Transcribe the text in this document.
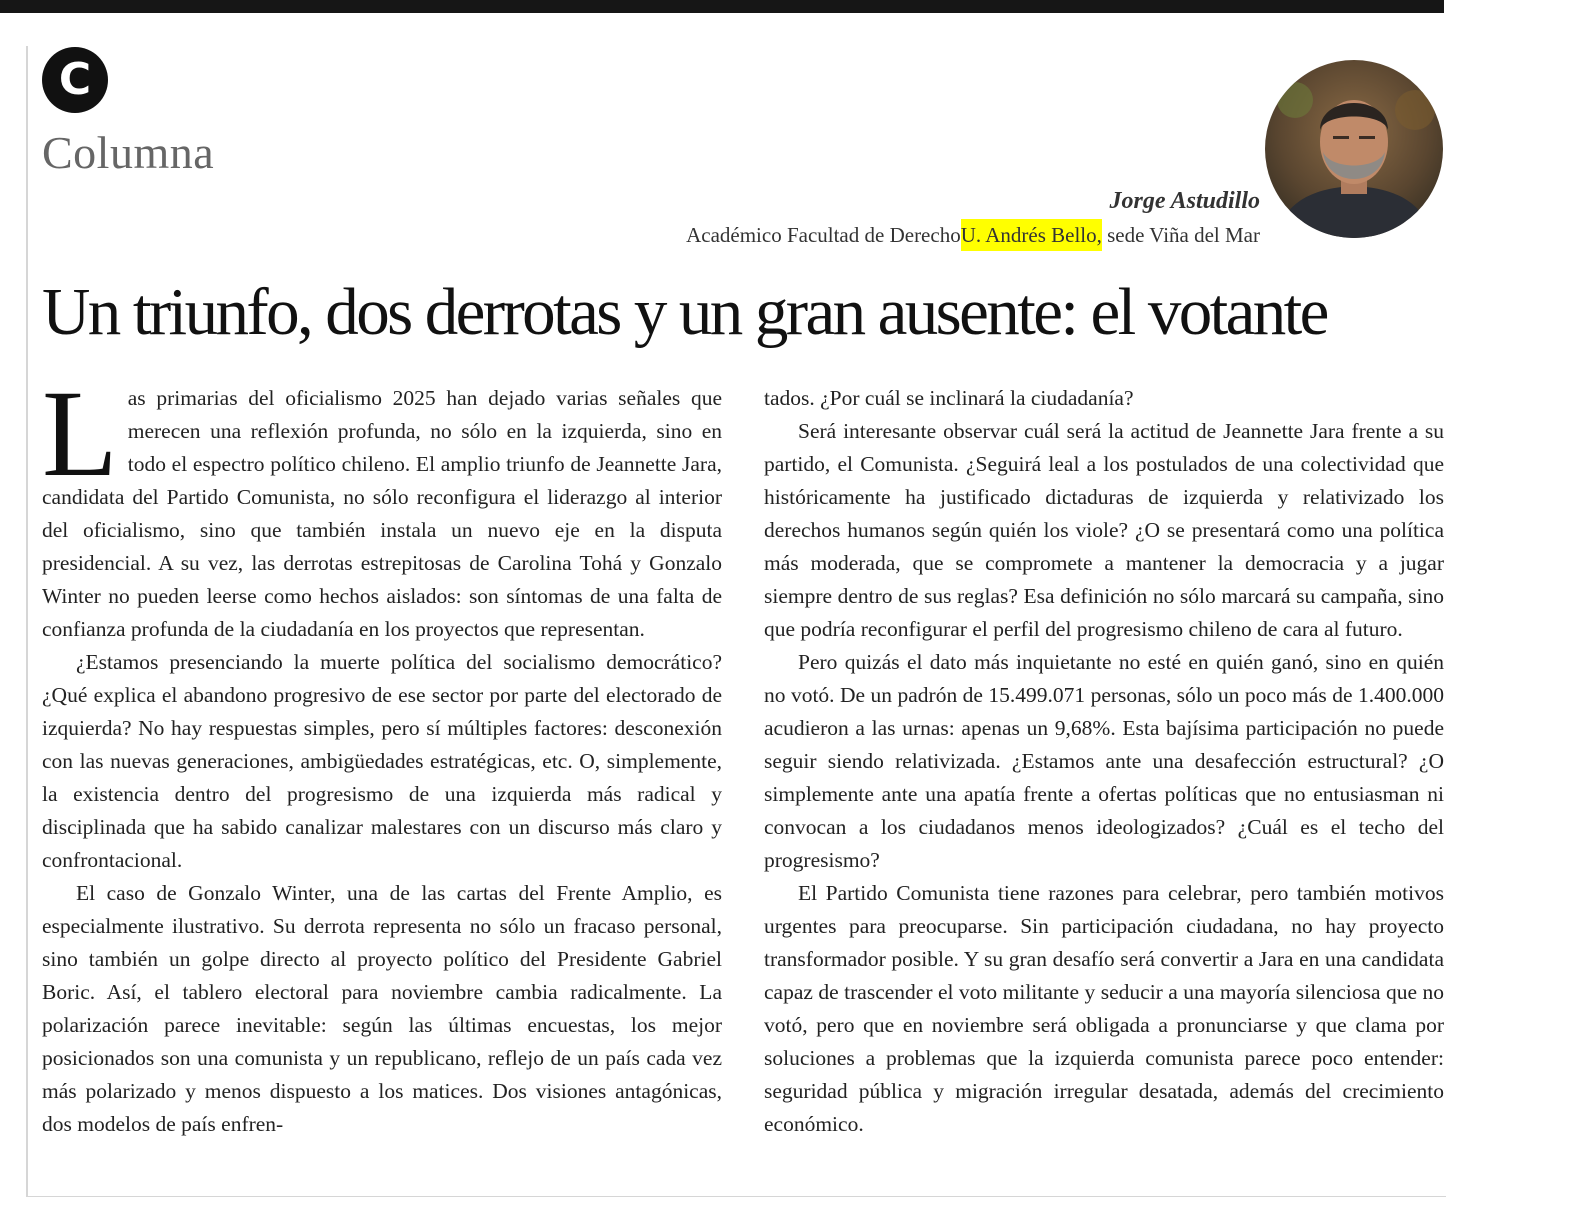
C
Columna
Jorge Astudillo
Académico Facultad de DerechoU. Andrés Bello, sede Viña del Mar
Un triunfo, dos derrotas y un gran ausente: el votante

Las primarias del oficialismo 2025 han dejado varias señales que merecen una reflexión profunda, no sólo en la izquierda, sino en todo el espectro político chileno. El amplio triunfo de Jeannette Jara, candidata del Partido Comunista, no sólo reconfigura el liderazgo al interior del oficialismo, sino que también instala un nuevo eje en la disputa presidencial. A su vez, las derrotas estrepitosas de Carolina Tohá y Gonzalo Winter no pueden leerse como hechos aislados: son síntomas de una falta de confianza profunda de la ciudadanía en los proyectos que representan.

¿Estamos presenciando la muerte política del socialismo democrático? ¿Qué explica el abandono progresivo de ese sector por parte del electorado de izquierda? No hay respuestas simples, pero sí múltiples factores: desconexión con las nuevas generaciones, ambigüedades estratégicas, etc. O, simplemente, la existencia dentro del progresismo de una izquierda más radical y disciplinada que ha sabido canalizar malestares con un discurso más claro y confrontacional.

El caso de Gonzalo Winter, una de las cartas del Frente Amplio, es especialmente ilustrativo. Su derrota representa no sólo un fracaso personal, sino también un golpe directo al proyecto político del Presidente Gabriel Boric. Así, el tablero electoral para noviembre cambia radicalmente. La polarización parece inevitable: según las últimas encuestas, los mejor posicionados son una comunista y un republicano, reflejo de un país cada vez más polarizado y menos dispuesto a los matices. Dos visiones antagónicas, dos modelos de país enfren-

tados. ¿Por cuál se inclinará la ciudadanía?

Será interesante observar cuál será la actitud de Jeannette Jara frente a su partido, el Comunista. ¿Seguirá leal a los postulados de una colectividad que históricamente ha justificado dictaduras de izquierda y relativizado los derechos humanos según quién los viole? ¿O se presentará como una política más moderada, que se compromete a mantener la democracia y a jugar siempre dentro de sus reglas? Esa definición no sólo marcará su campaña, sino que podría reconfigurar el perfil del progresismo chileno de cara al futuro.

Pero quizás el dato más inquietante no esté en quién ganó, sino en quién no votó. De un padrón de 15.499.071 personas, sólo un poco más de 1.400.000 acudieron a las urnas: apenas un 9,68%. Esta bajísima participación no puede seguir siendo relativizada. ¿Estamos ante una desafección estructural? ¿O simplemente ante una apatía frente a ofertas políticas que no entusiasman ni convocan a los ciudadanos menos ideologizados? ¿Cuál es el techo del progresismo?

El Partido Comunista tiene razones para celebrar, pero también motivos urgentes para preocuparse. Sin participación ciudadana, no hay proyecto transformador posible. Y su gran desafío será convertir a Jara en una candidata capaz de trascender el voto militante y seducir a una mayoría silenciosa que no votó, pero que en noviembre será obligada a pronunciarse y que clama por soluciones a problemas que la izquierda comunista parece poco entender: seguridad pública y migración irregular desatada, además del crecimiento económico.
